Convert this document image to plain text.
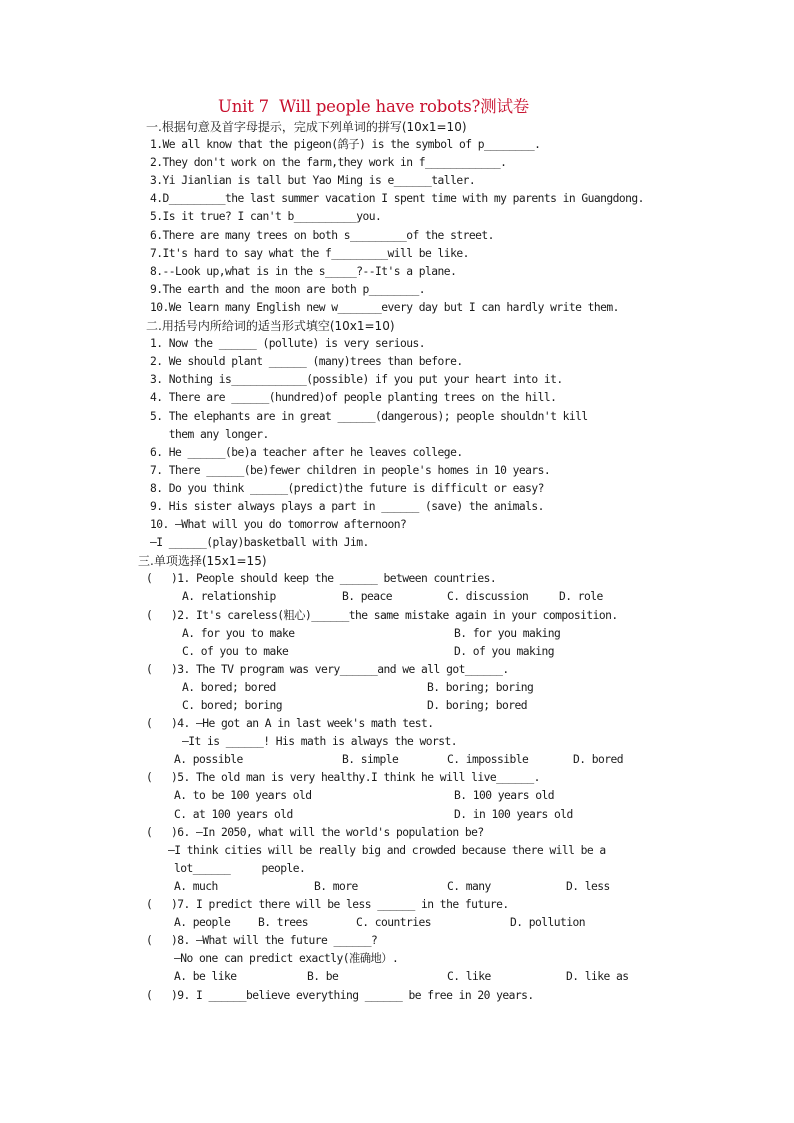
Unit 7  Will people have robots?测试卷
一.根据句意及首字母提示，完成下列单词的拼写(10x1=10)
1.We all know that the pigeon(鸽子) is the symbol of p________.
2.They don't work on the farm,they work in f____________.
3.Yi Jianlian is tall but Yao Ming is e______taller.
4.D_________the last summer vacation I spent time with my parents in Guangdong.
5.Is it true? I can't b__________you.
6.There are many trees on both s_________of the street.
7.It's hard to say what the f_________will be like.
8.--Look up,what is in the s_____?--It's a plane.
9.The earth and the moon are both p________.
10.We learn many English new w_______every day but I can hardly write them.
二.用括号内所给词的适当形式填空(10x1=10)
1. Now the ______ (pollute) is very serious.
2. We should plant ______ (many)trees than before.
3. Nothing is____________(possible) if you put your heart into it.
4. There are ______(hundred)of people planting trees on the hill.
5. The elephants are in great ______(dangerous); people shouldn't kill
them any longer.
6. He ______(be)a teacher after he leaves college.
7. There ______(be)fewer children in people's homes in 10 years.
8. Do you think ______(predict)the future is difficult or easy?
9. His sister always plays a part in ______ (save) the animals.
10. —What will you do tomorrow afternoon?
—I ______(play)basketball with Jim.
三.单项选择(15x1=15)
(   )1. People should keep the ______ between countries.
A. relationship	B. peace	C. discussion	D. role
(   )2. It's careless(粗心)______the same mistake again in your composition.
A. for you to make	B. for you making
C. of you to make	D. of you making
(   )3. The TV program was very______and we all got______.
A. bored; bored	B. boring; boring
C. bored; boring	D. boring; bored
(   )4. —He got an A in last week's math test.
—It is ______! His math is always the worst.
A. possible	B. simple	C. impossible	D. bored
(   )5. The old man is very healthy.I think he will live______.
A. to be 100 years old	B. 100 years old
C. at 100 years old	D. in 100 years old
(   )6. —In 2050, what will the world's population be?
—I think cities will be really big and crowded because there will be a
lot______     people.
A. much	B. more	C. many	D. less
(   )7. I predict there will be less ______ in the future.
A. people	B. trees	C. countries	D. pollution
(   )8. —What will the future ______?
—No one can predict exactly(准确地）.
A. be like	B. be	C. like	D. like as
(   )9. I ______believe everything ______ be free in 20 years.
